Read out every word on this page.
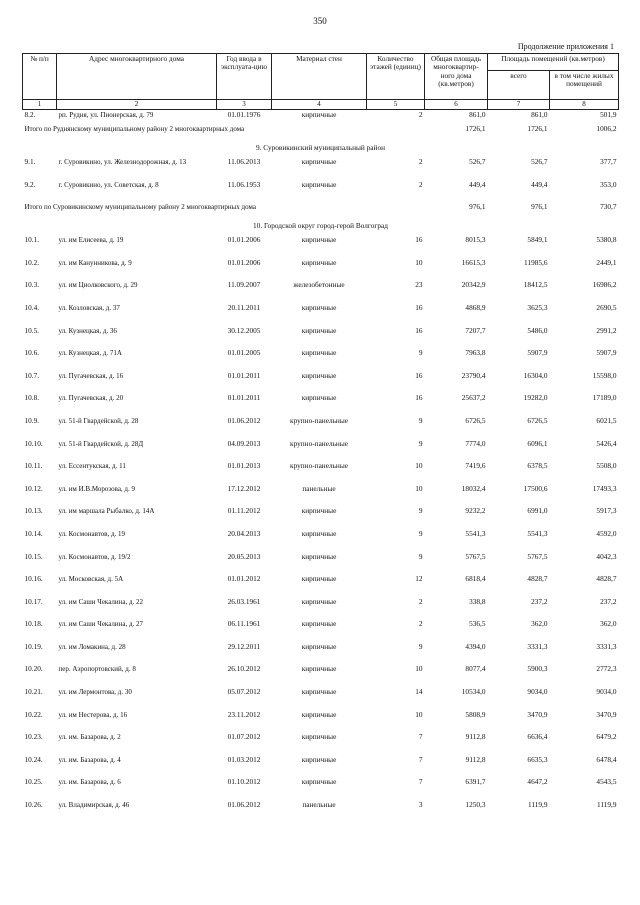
350
Продолжение приложения 1
№ п/п	Адрес многоквартирного дома	Год ввода в эксплуата-цию	Материал стен	Количество этажей (единиц)	Общая площадь многоквартир-ного дома (кв.метров)	Площадь помещений (кв.метров)	
						всего	в том числе жилых помещений
1	2	3	4	5	6	7	8
8.2.	рп. Рудня, ул. Пионерская, д. 79	01.01.1976	кирпичные	2	861,0	861,0	501,9
Итого по Руднянскому муниципальному району 2 многоквартирных дома					1726,1	1726,1	1006,2
9. Суровикинский муниципальный район							
9.1.	г. Суровикино, ул. Железнодорожная, д. 13	11.06.2013	кирпичные	2	526,7	526,7	377,7
9.2.	г. Суровикино, ул. Советская, д. 8	11.06.1953	кирпичные	2	449,4	449,4	353,0
Итого по Суровикинскому муниципальному району 2 многоквартирных дома					976,1	976,1	730,7
10. Городской округ город-герой Волгоград							
10.1.	ул. им Елисеева, д. 19	01.01.2006	кирпичные	16	8015,3	5849,1	5380,8
10.2.	ул. им Канунникова, д. 9	01.01.2006	кирпичные	10	16615,3	11985,6	2449,1
10.3.	ул. им Циолковского, д. 29	11.09.2007	железобетонные	23	20342,9	18412,5	16986,2
10.4.	ул. Козловская, д. 37	20.11.2011	кирпичные	16	4868,9	3625,3	2690,5
10.5.	ул. Кузнецкая, д. 36	30.12.2005	кирпичные	16	7207,7	5486,0	2991,2
10.6.	ул. Кузнецкая, д. 71А	01.01.2005	кирпичные	9	7963,8	5907,9	5907,9
10.7.	ул. Пугачевская, д. 16	01.01.2011	кирпичные	16	23790,4	16304,0	15598,0
10.8.	ул. Пугачевская, д. 20	01.01.2011	кирпичные	16	25637,2	19282,0	17189,0
10.9.	ул. 51-й Гвардейской, д. 28	01.06.2012	крупно-панельные	9	6726,5	6726,5	6021,5
10.10.	ул. 51-й Гвардейской, д. 28Д	04.09.2013	крупно-панельные	9	7774,0	6096,1	5426,4
10.11.	ул. Ессентукская, д. 11	01.01.2013	крупно-панельные	10	7419,6	6378,5	5508,0
10.12.	ул. им И.В.Морозова, д. 9	17.12.2012	панельные	10	18032,4	17500,6	17493,3
10.13.	ул. им маршала Рыбалко, д. 14А	01.11.2012	кирпичные	9	9232,2	6991,0	5917,3
10.14.	ул. Космонавтов, д. 19	20.04.2013	кирпичные	9	5541,3	5541,3	4592,0
10.15.	ул. Космонавтов, д. 19/2	20.05.2013	кирпичные	9	5767,5	5767,5	4042,3
10.16.	ул. Московская, д. 5А	01.01.2012	кирпичные	12	6818,4	4828,7	4828,7
10.17.	ул. им Саши Чекалина, д. 22	26.03.1961	кирпичные	2	338,8	237,2	237,2
10.18.	ул. им Саши Чекалина, д. 27	06.11.1961	кирпичные	2	536,5	362,0	362,0
10.19.	ул. им Ломакина, д. 28	29.12.2011	кирпичные	9	4394,0	3331,3	3331,3
10.20.	пер. Аэропортовский, д. 8	26.10.2012	кирпичные	10	8077,4	5900,3	2772,3
10.21.	ул. им Лермонтова, д. 30	05.07.2012	кирпичные	14	10534,0	9034,0	9034,0
10.22.	ул. им Нестерова, д. 16	23.11.2012	кирпичные	10	5808,9	3470,9	3470,9
10.23.	ул. им. Базарова, д. 2	01.07.2012	кирпичные	7	9112,8	6636,4	6479,2
10.24.	ул. им. Базарова, д. 4	01.03.2012	кирпичные	7	9112,8	6635,3	6478,4
10.25.	ул. им. Базарова, д. 6	01.10.2012	кирпичные	7	6391,7	4647,2	4543,5
10.26.	ул. Владимирская, д. 46	01.06.2012	панельные	3	1250,3	1119,9	1119,9
